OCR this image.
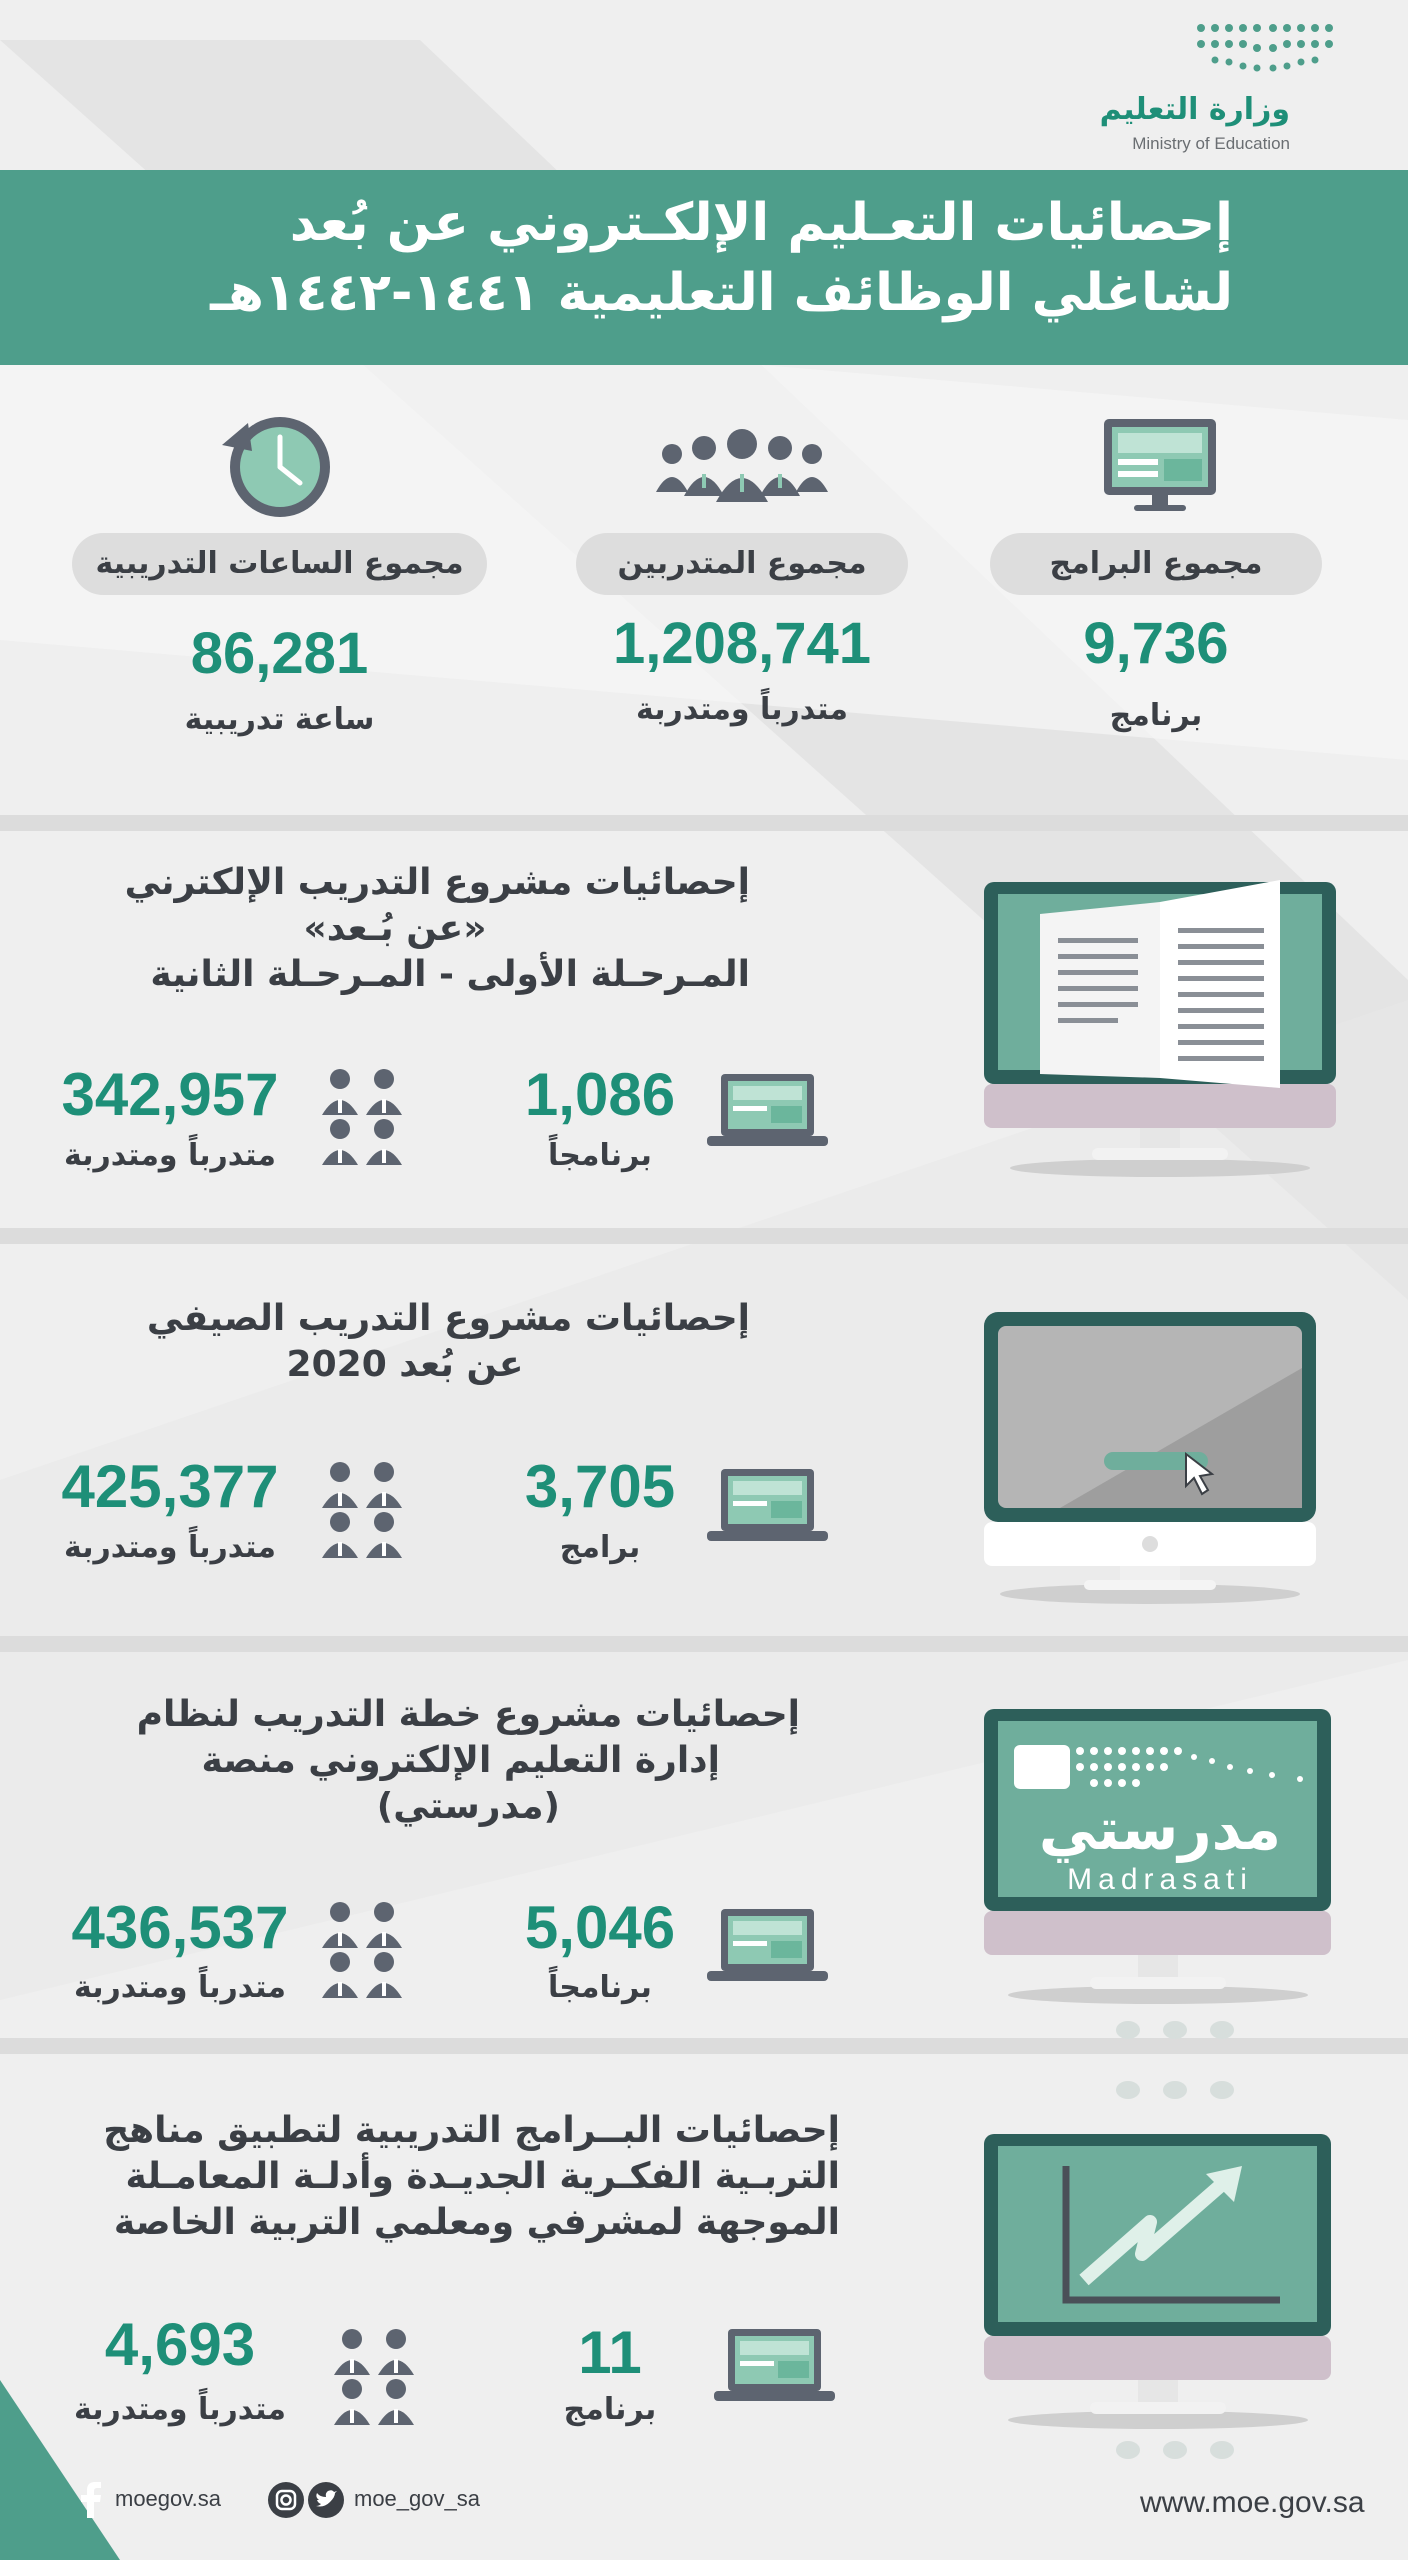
وزارة التعليم
Ministry of Education
إحصائيات التعـليم الإلكـتروني عن بُعد
لشاغلي الوظائف التعليمية ١٤٤١-١٤٤٢هـ
مجموع البرامج
مجموع المتدربين
مجموع الساعات التدريبية
9,736
1,208,741
86,281
برنامج
متدرباً ومتدربة
ساعة تدريبية
إحصائيات مشروع التدريب الإلكترني
«عن بُـعد»
المـرحـلة الأولى - المـرحـلة الثانية
1,086
برنامجاً
342,957
متدرباً ومتدربة
إحصائيات مشروع التدريب الصيفي
عن بُعد 2020
3,705
برامج
425,377
متدرباً ومتدربة
إحصائيات مشروع خطة التدريب لنظام
إدارة التعليم الإلكتروني منصة
(مدرستي)	مدرستي
Madrasati
5,046
برنامجاً
436,537
متدرباً ومتدربة
إحصائيات البــرامج التدريبية لتطبيق مناهج
التربـية الفكـرية الجديـدة وأدلـة المعامـلة
الموجهة لمشرفي ومعلمي التربية الخاصة
11
برنامج
4,693
متدرباً ومتدربة
moegov.sa	moe_gov_sa	www.moe.gov.sa
